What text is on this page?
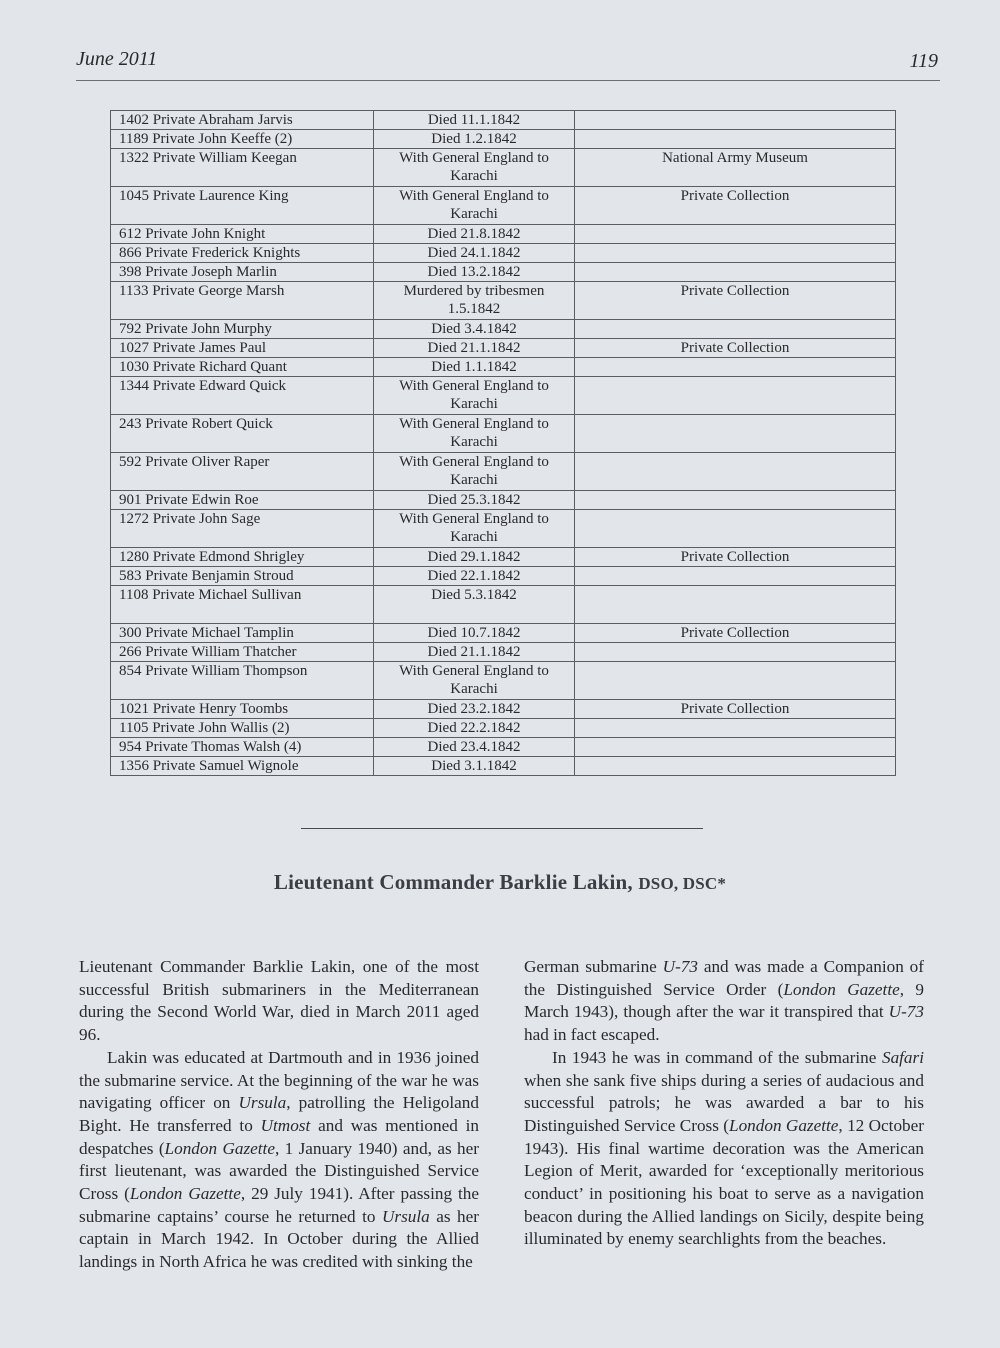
June 2011	119
1402 Private Abraham Jarvis	Died 11.1.1842	
1189 Private John Keeffe (2)	Died 1.2.1842	
1322 Private William Keegan	With General England to Karachi	National Army Museum
1045 Private Laurence King	With General England to Karachi	Private Collection
612 Private John Knight	Died 21.8.1842	
866 Private Frederick Knights	Died 24.1.1842	
398 Private Joseph Marlin	Died 13.2.1842	
1133 Private George Marsh	Murdered by tribesmen 1.5.1842	Private Collection
792 Private John Murphy	Died 3.4.1842	
1027 Private James Paul	Died 21.1.1842	Private Collection
1030 Private Richard Quant	Died 1.1.1842	
1344 Private Edward Quick	With General England to Karachi	
243 Private Robert Quick	With General England to Karachi	
592 Private Oliver Raper	With General England to Karachi	
901 Private Edwin Roe	Died 25.3.1842	
1272 Private John Sage	With General England to Karachi	
1280 Private Edmond Shrigley	Died 29.1.1842	Private Collection
583 Private Benjamin Stroud	Died 22.1.1842	
1108 Private Michael Sullivan	Died 5.3.1842	
300 Private Michael Tamplin	Died 10.7.1842	Private Collection
266 Private William Thatcher	Died 21.1.1842	
854 Private William Thompson	With General England to Karachi	
1021 Private Henry Toombs	Died 23.2.1842	Private Collection
1105 Private John Wallis (2)	Died 22.2.1842	
954 Private Thomas Walsh (4)	Died 23.4.1842	
1356 Private Samuel Wignole	Died 3.1.1842	
Lieutenant Commander Barklie Lakin, DSO, DSC*

Lieutenant Commander Barklie Lakin, one of the most successful British submariners in the Mediterranean during the Second World War, died in March 2011 aged 96.

Lakin was educated at Dartmouth and in 1936 joined the submarine service. At the beginning of the war he was navigating officer on Ursula, patrolling the Heligoland Bight. He transferred to Utmost and was mentioned in despatches (London Gazette, 1 January 1940) and, as her first lieutenant, was awarded the Distinguished Service Cross (London Gazette, 29 July 1941). After passing the submarine captains’ course he returned to Ursula as her captain in March 1942. In October during the Allied landings in North Africa he was credited with sinking the

German submarine U-73 and was made a Companion of the Distinguished Service Order (London Gazette, 9 March 1943), though after the war it transpired that U-73 had in fact escaped.

In 1943 he was in command of the submarine Safari when she sank five ships during a series of audacious and successful patrols; he was awarded a bar to his Distinguished Service Cross (London Gazette, 12 October 1943). His final wartime decoration was the American Legion of Merit, awarded for ‘exceptionally meritorious conduct’ in positioning his boat to serve as a navigation beacon during the Allied landings on Sicily, despite being illuminated by enemy searchlights from the beaches.
